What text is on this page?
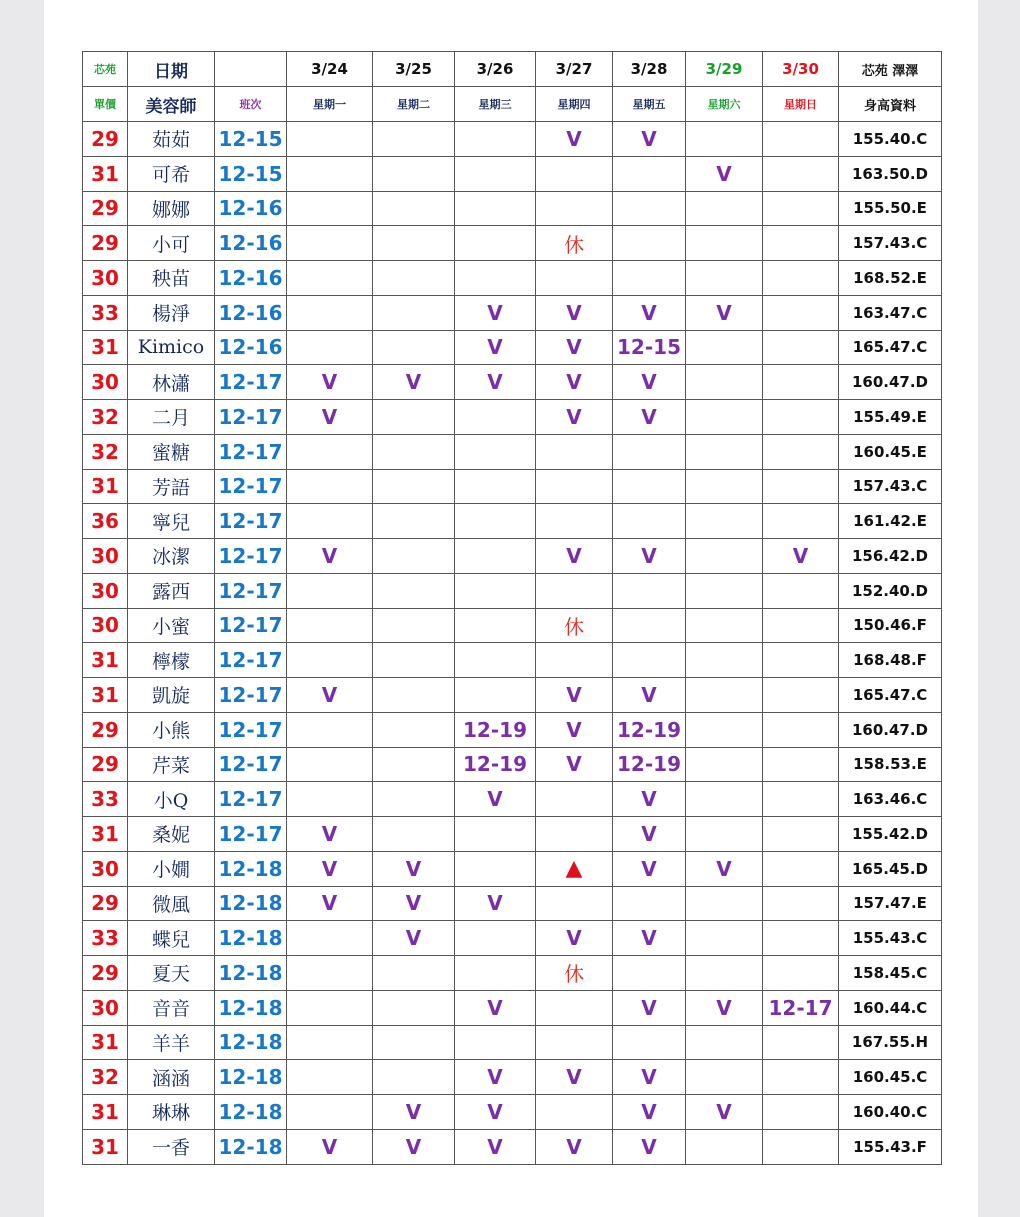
芯苑	日期		3/24	3/25	3/26	3/27	3/28	3/29	3/30	芯苑 澤澤
單價	美容師	班次	星期一	星期二	星期三	星期四	星期五	星期六	星期日	身高資料
29	茹茹	12-15				V	V			155.40.C
31	可希	12-15						V		163.50.D
29	娜娜	12-16								155.50.E
29	小可	12-16				休				157.43.C
30	秧苗	12-16								168.52.E
33	楊淨	12-16			V	V	V	V		163.47.C
31	Kimico	12-16			V	V	12-15			165.47.C
30	林瀟	12-17	V	V	V	V	V			160.47.D
32	二月	12-17	V			V	V			155.49.E
32	蜜糖	12-17								160.45.E
31	芳語	12-17								157.43.C
36	寧兒	12-17								161.42.E
30	冰潔	12-17	V			V	V		V	156.42.D
30	露西	12-17								152.40.D
30	小蜜	12-17				休				150.46.F
31	檸檬	12-17								168.48.F
31	凱旋	12-17	V			V	V			165.47.C
29	小熊	12-17			12-19	V	12-19			160.47.D
29	芹菜	12-17			12-19	V	12-19			158.53.E
33	小Q	12-17			V		V			163.46.C
31	桑妮	12-17	V				V			155.42.D
30	小嫺	12-18	V	V		▲	V	V		165.45.D
29	微風	12-18	V	V	V					157.47.E
33	蝶兒	12-18		V		V	V			155.43.C
29	夏天	12-18				休				158.45.C
30	音音	12-18			V		V	V	12-17	160.44.C
31	羊羊	12-18								167.55.H
32	涵涵	12-18			V	V	V			160.45.C
31	琳琳	12-18		V	V		V	V		160.40.C
31	一香	12-18	V	V	V	V	V			155.43.F
